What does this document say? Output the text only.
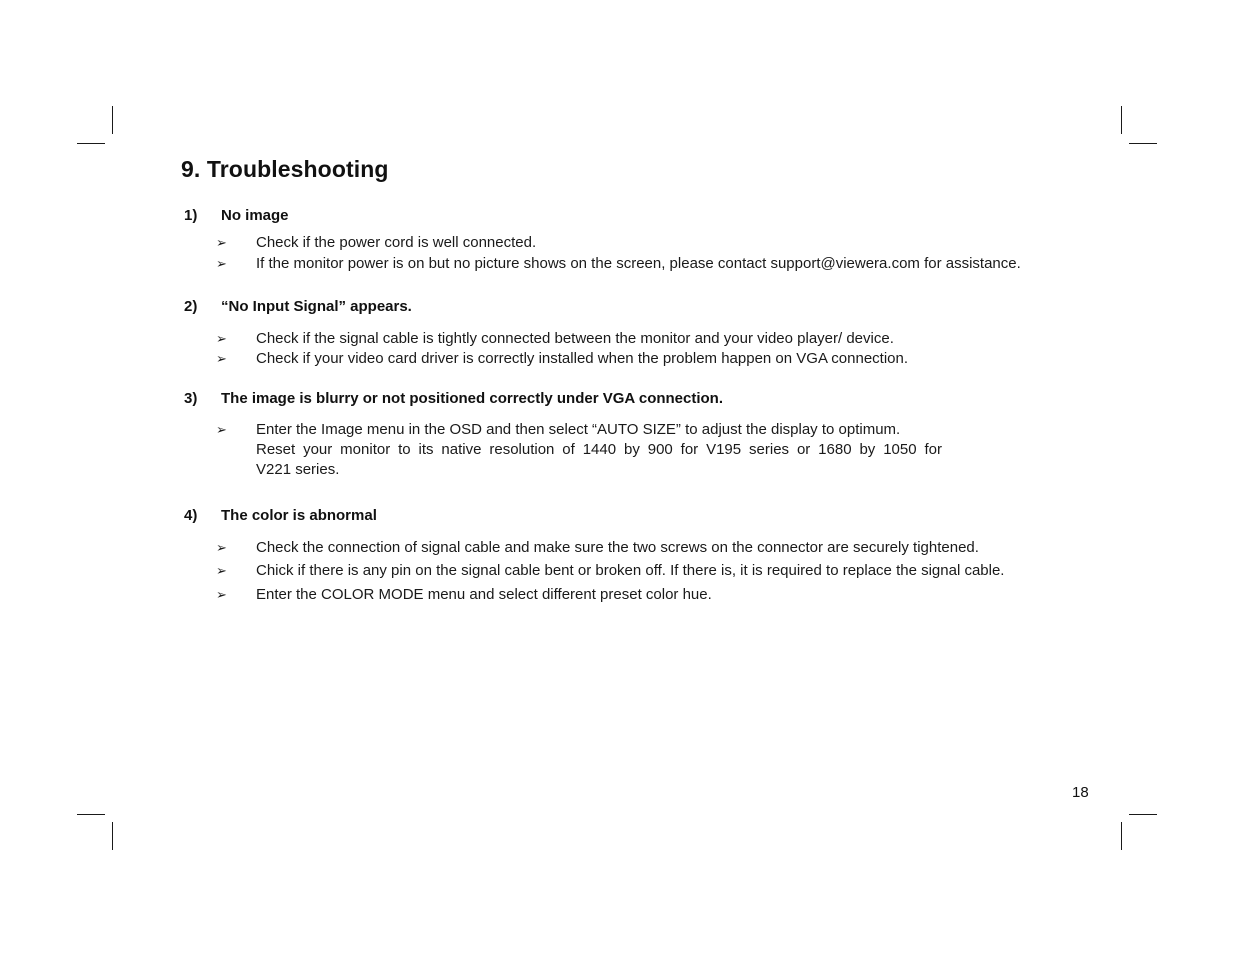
9. Troubleshooting
1) No image
➢ Check if the power cord is well connected.
➢ If the monitor power is on but no picture shows on the screen, please contact support@viewera.com for assistance.
2) “No Input Signal” appears.
➢ Check if the signal cable is tightly connected between the monitor and your video player/ device.
➢ Check if your video card driver is correctly installed when the problem happen on VGA connection.
3) The image is blurry or not positioned correctly under VGA connection.
➢ Enter the Image menu in the OSD and then select “AUTO SIZE” to adjust the display to optimum.

Reset your monitor to its native resolution of 1440 by 900 for V195 series or 1680 by 1050 for

V221 series.

4) The color is abnormal
➢ Check the connection of signal cable and make sure the two screws on the connector are securely tightened.
➢ Chick if there is any pin on the signal cable bent or broken off. If there is, it is required to replace the signal cable.
➢ Enter the COLOR MODE menu and select different preset color hue.
18
